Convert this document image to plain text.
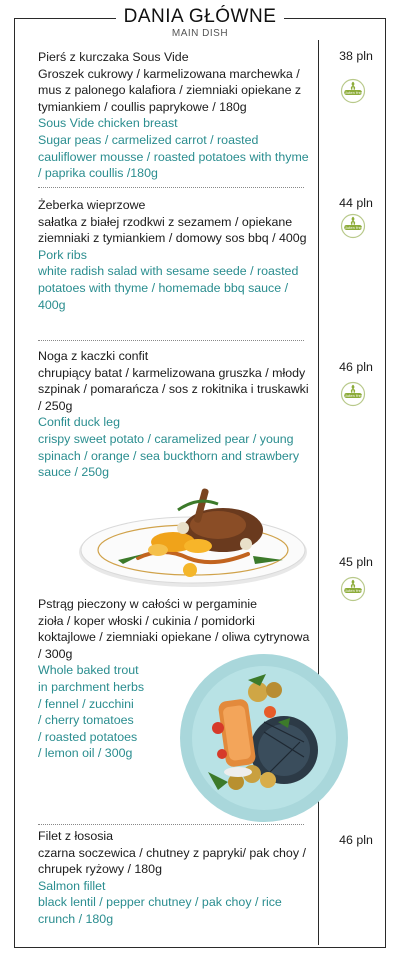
DANIA GŁÓWNE
MAIN DISH
Pierś z kurczaka Sous Vide
Groszek cukrowy / karmelizowana marchewka / mus z palonego kalafiora / ziemniaki opiekane z tymiankiem / coullis paprykowe / 180g
Sous Vide chicken breast
Sugar peas / carmelized carrot / roasted cauliflower mousse / roasted potatoes with thyme / paprika coullis /180g
38 pln
Żeberka wieprzowe
sałatka z białej rzodkwi z sezamem / opiekane ziemniaki z tymiankiem / domowy sos bbq / 400g
Pork ribs
white radish salad with sesame seede / roasted potatoes with thyme / homemade bbq sauce / 400g
44 pln
Noga z kaczki confit
chrupiący batat / karmelizowana gruszka / młody szpinak / pomarańcza / sos z rokitnika i truskawki / 250g
Confit duck leg
crispy sweet potato / caramelized pear / young spinach / orange / sea buckthorn and strawbery sauce / 250g
46 pln
45 pln
Pstrąg pieczony w całości w pergaminie
zioła / koper włoski / cukinia / pomidorki koktajlowe / ziemniaki opiekane / oliwa cytrynowa / 300g
Whole baked trout
in parchment herbs
/ fennel / zucchini
/ cherry tomatoes
/ roasted potatoes
/ lemon oil / 300g
Filet z łososia
czarna soczewica / chutney z papryki/ pak choy / chrupek ryżowy / 180g
Salmon fillet
black lentil / pepper chutney / pak choy / rice crunch / 180g
46 pln
